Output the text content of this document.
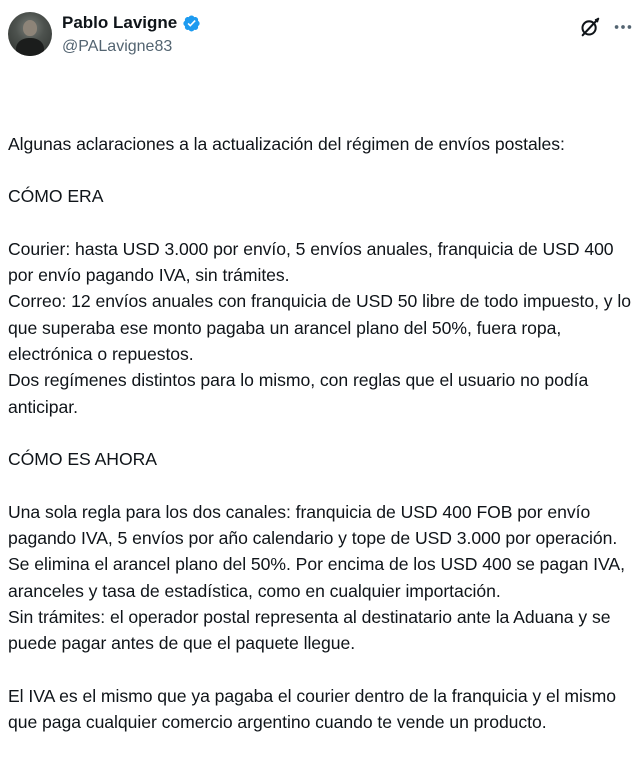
Pablo Lavigne
@PALavigne83

Algunas aclaraciones a la actualización del régimen de envíos postales:

CÓMO ERA

Courier: hasta USD 3.000 por envío, 5 envíos anuales, franquicia de USD 400 por envío pagando IVA, sin trámites.

Correo: 12 envíos anuales con franquicia de USD 50 libre de todo impuesto, y lo que superaba ese monto pagaba un arancel plano del 50%, fuera ropa, electrónica o repuestos.

Dos regímenes distintos para lo mismo, con reglas que el usuario no podía anticipar.

CÓMO ES AHORA

Una sola regla para los dos canales: franquicia de USD 400 FOB por envío pagando IVA, 5 envíos por año calendario y tope de USD 3.000 por operación.

Se elimina el arancel plano del 50%. Por encima de los USD 400 se pagan IVA, aranceles y tasa de estadística, como en cualquier importación.

Sin trámites: el operador postal representa al destinatario ante la Aduana y se puede pagar antes de que el paquete llegue.

El IVA es el mismo que ya pagaba el courier dentro de la franquicia y el mismo que paga cualquier comercio argentino cuando te vende un producto.
